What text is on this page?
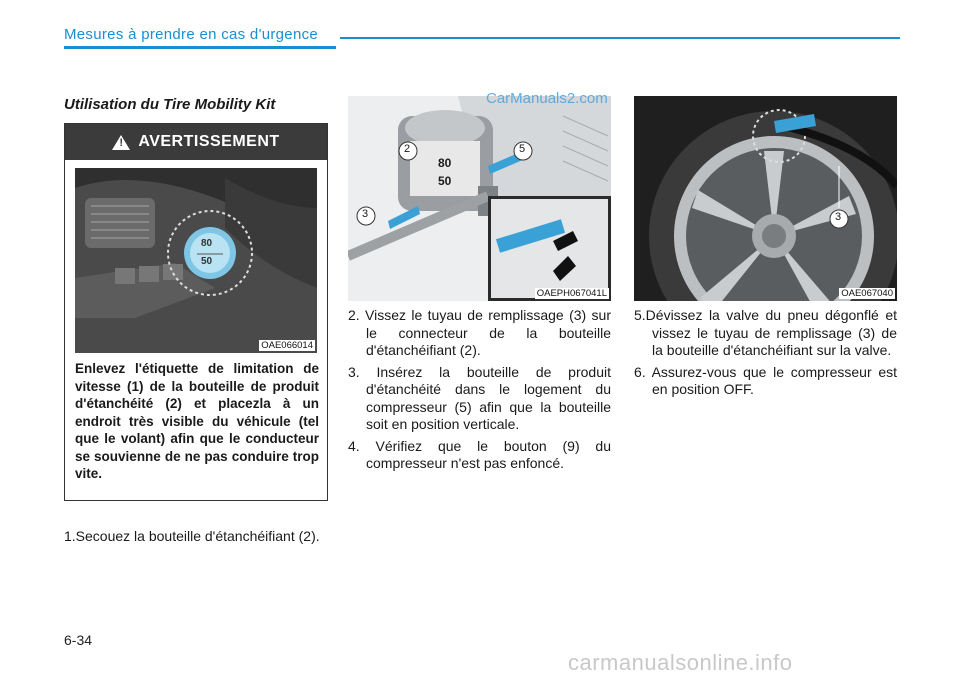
Mesures à prendre en cas d'urgence
Utilisation du Tire Mobility Kit
! AVERTISSEMENT
80
50
OAE066014
Enlevez l'étiquette de limitation de vitesse (1) de la bouteille de produit d'étanchéité (2) et placezla à un endroit très visible du véhicule (tel que le volant) afin que le conducteur se souvienne de ne pas conduire trop vite.
1.Secouez la bouteille d'étanchéifiant (2).
2	5
3
80
50
OAEPH067041L
CarManuals2.com
3
OAE067040
2. Vissez le tuyau de remplissage (3) sur le connecteur de la bouteille d'étanchéifiant (2).
3. Insérez la bouteille de produit d'étanchéité dans le logement du compresseur (5) afin que la bouteille soit en position verticale.
4. Vérifiez que le bouton (9) du compresseur n'est pas enfoncé.
5.Dévissez la valve du pneu dégonflé et vissez le tuyau de remplissage (3) de la bouteille d'étanchéifiant sur la valve.
6. Assurez-vous que le compresseur est en position OFF.
6-34
carmanualsonline.info
